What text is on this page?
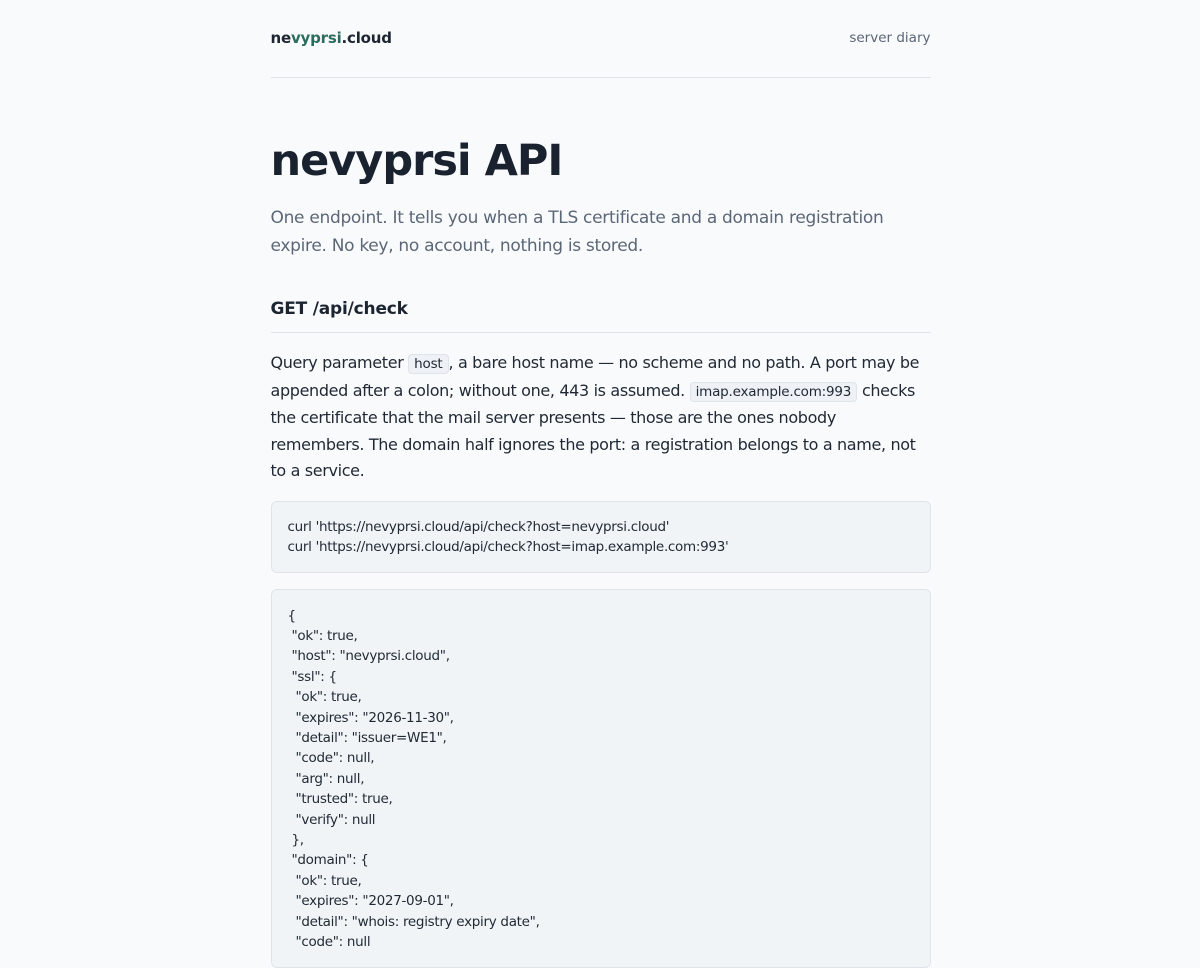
nevyprsi.cloud	server diary
nevyprsi API

One endpoint. It tells you when a TLS certificate and a domain registration expire. No key, no account, nothing is stored.

GET /api/check

Query parameter host , a bare host name — no scheme and no path. A port may be appended after a colon; without one, 443 is assumed. imap.example.com:993 checks the certificate that the mail server presents — those are the ones nobody remembers. The domain half ignores the port: a registration belongs to a name, not to a service.

curl 'https://nevyprsi.cloud/api/check?host=nevyprsi.cloud'
curl 'https://nevyprsi.cloud/api/check?host=imap.example.com:993'
{
"ok": true,
"host": "nevyprsi.cloud",
"ssl": {
"ok": true,
"expires": "2026-11-30",
"detail": "issuer=WE1",
"code": null,
"arg": null,
"trusted": true,
"verify": null
},
"domain": {
"ok": true,
"expires": "2027-09-01",
"detail": "whois: registry expiry date",
"code": null
